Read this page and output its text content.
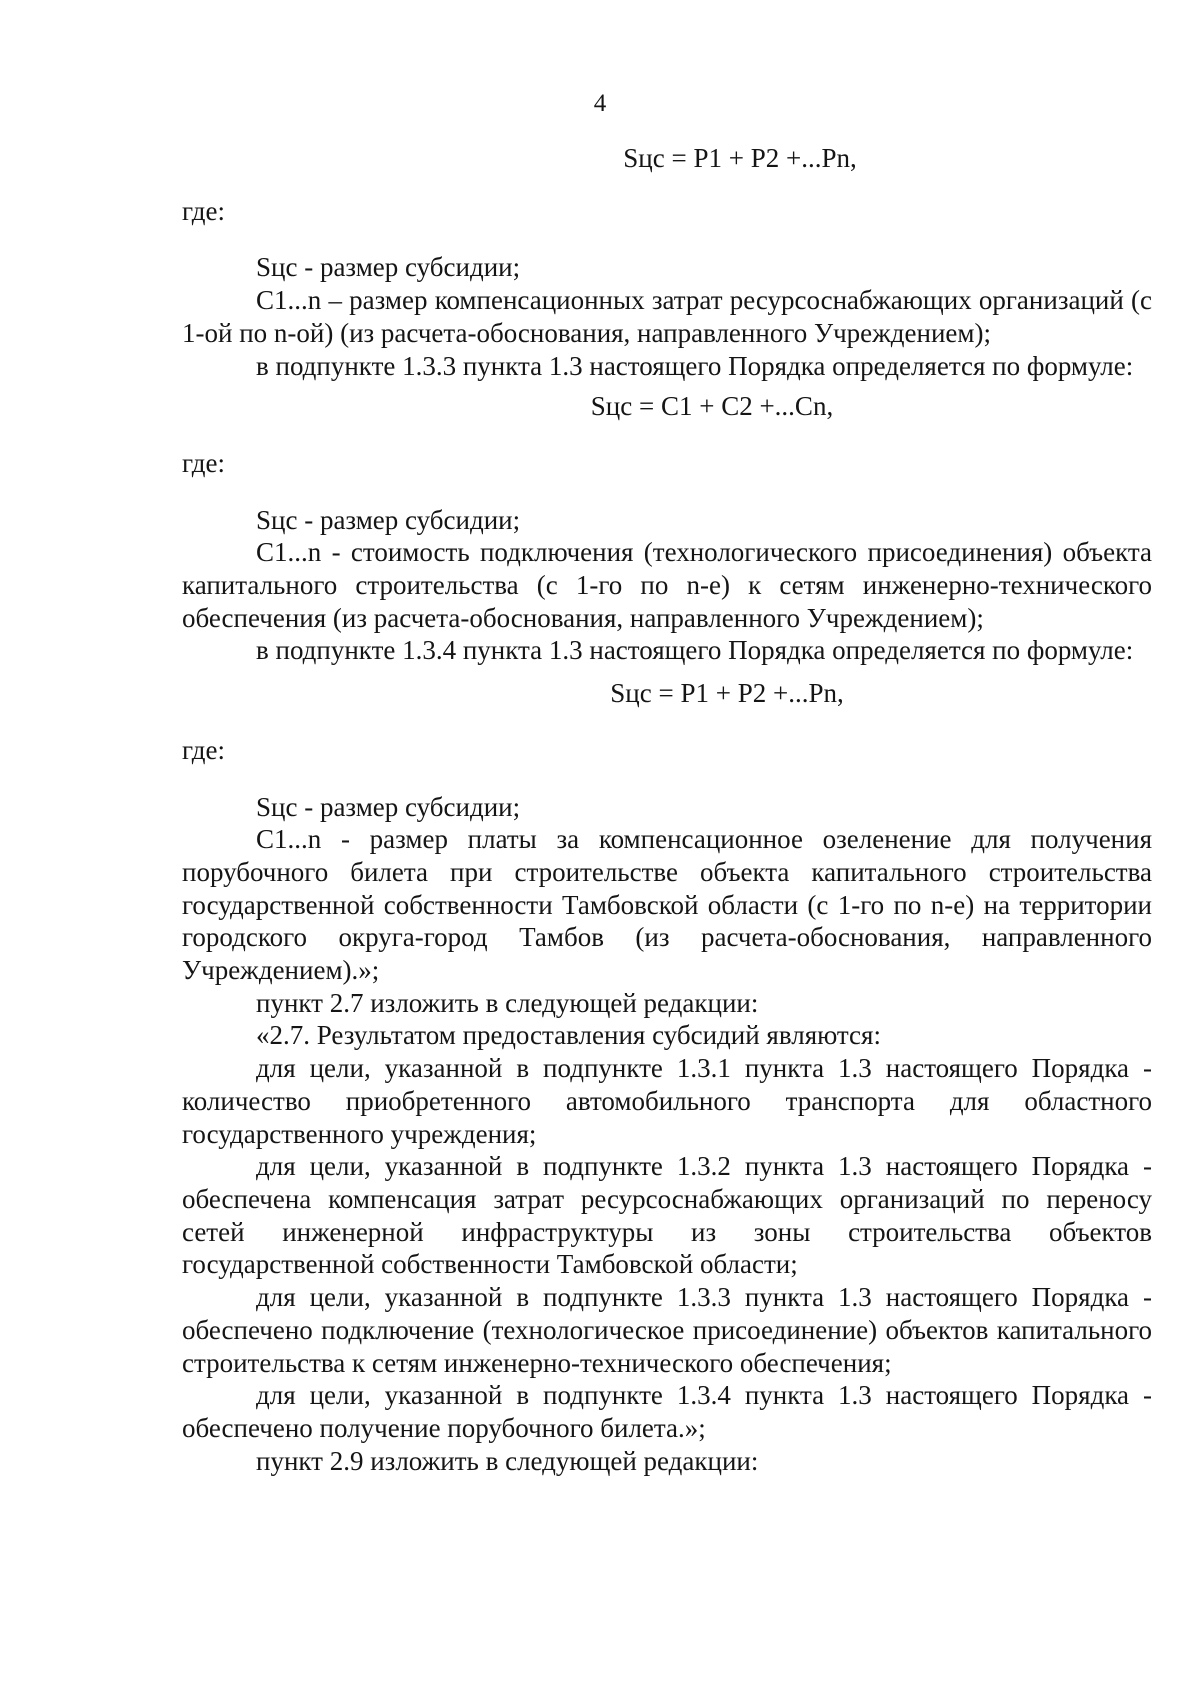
4

Sцс = Р1 + Р2 +...Рn,

где:

Sцс - размер субсидии;

C1...n – размер компенсационных затрат ресурсоснабжающих организаций (с 1-ой по n-ой) (из расчета-обоснования, направленного Учреждением);

в подпункте 1.3.3 пункта 1.3 настоящего Порядка определяется по формуле:

Sцс = С1 + С2 +...Сn,

где:

Sцс - размер субсидии;

C1...n - стоимость подключения (технологического присоединения) объекта капитального строительства (с 1-го по n-е) к сетям инженерно-технического обеспечения (из расчета-обоснования, направленного Учреждением);

в подпункте 1.3.4 пункта 1.3 настоящего Порядка определяется по формуле:

Sцс = Р1 + Р2 +...Рn,

где:

Sцс - размер субсидии;

C1...n - размер платы за компенсационное озеленение для получения порубочного билета при строительстве объекта капитального строительства государственной собственности Тамбовской области (с 1-го по n-е) на территории городского округа-город Тамбов (из расчета-обоснования, направленного Учреждением).»;

пункт 2.7 изложить в следующей редакции:

«2.7. Результатом предоставления субсидий являются:

для цели, указанной в подпункте 1.3.1 пункта 1.3 настоящего Порядка - количество приобретенного автомобильного транспорта для областного государственного учреждения;

для цели, указанной в подпункте 1.3.2 пункта 1.3 настоящего Порядка - обеспечена компенсация затрат ресурсоснабжающих организаций по переносу сетей инженерной инфраструктуры из зоны строительства объектов государственной собственности Тамбовской области;

для цели, указанной в подпункте 1.3.3 пункта 1.3 настоящего Порядка - обеспечено подключение (технологическое присоединение) объектов капитального строительства к сетям инженерно-технического обеспечения;

для цели, указанной в подпункте 1.3.4 пункта 1.3 настоящего Порядка - обеспечено получение порубочного билета.»;

пункт 2.9 изложить в следующей редакции:
